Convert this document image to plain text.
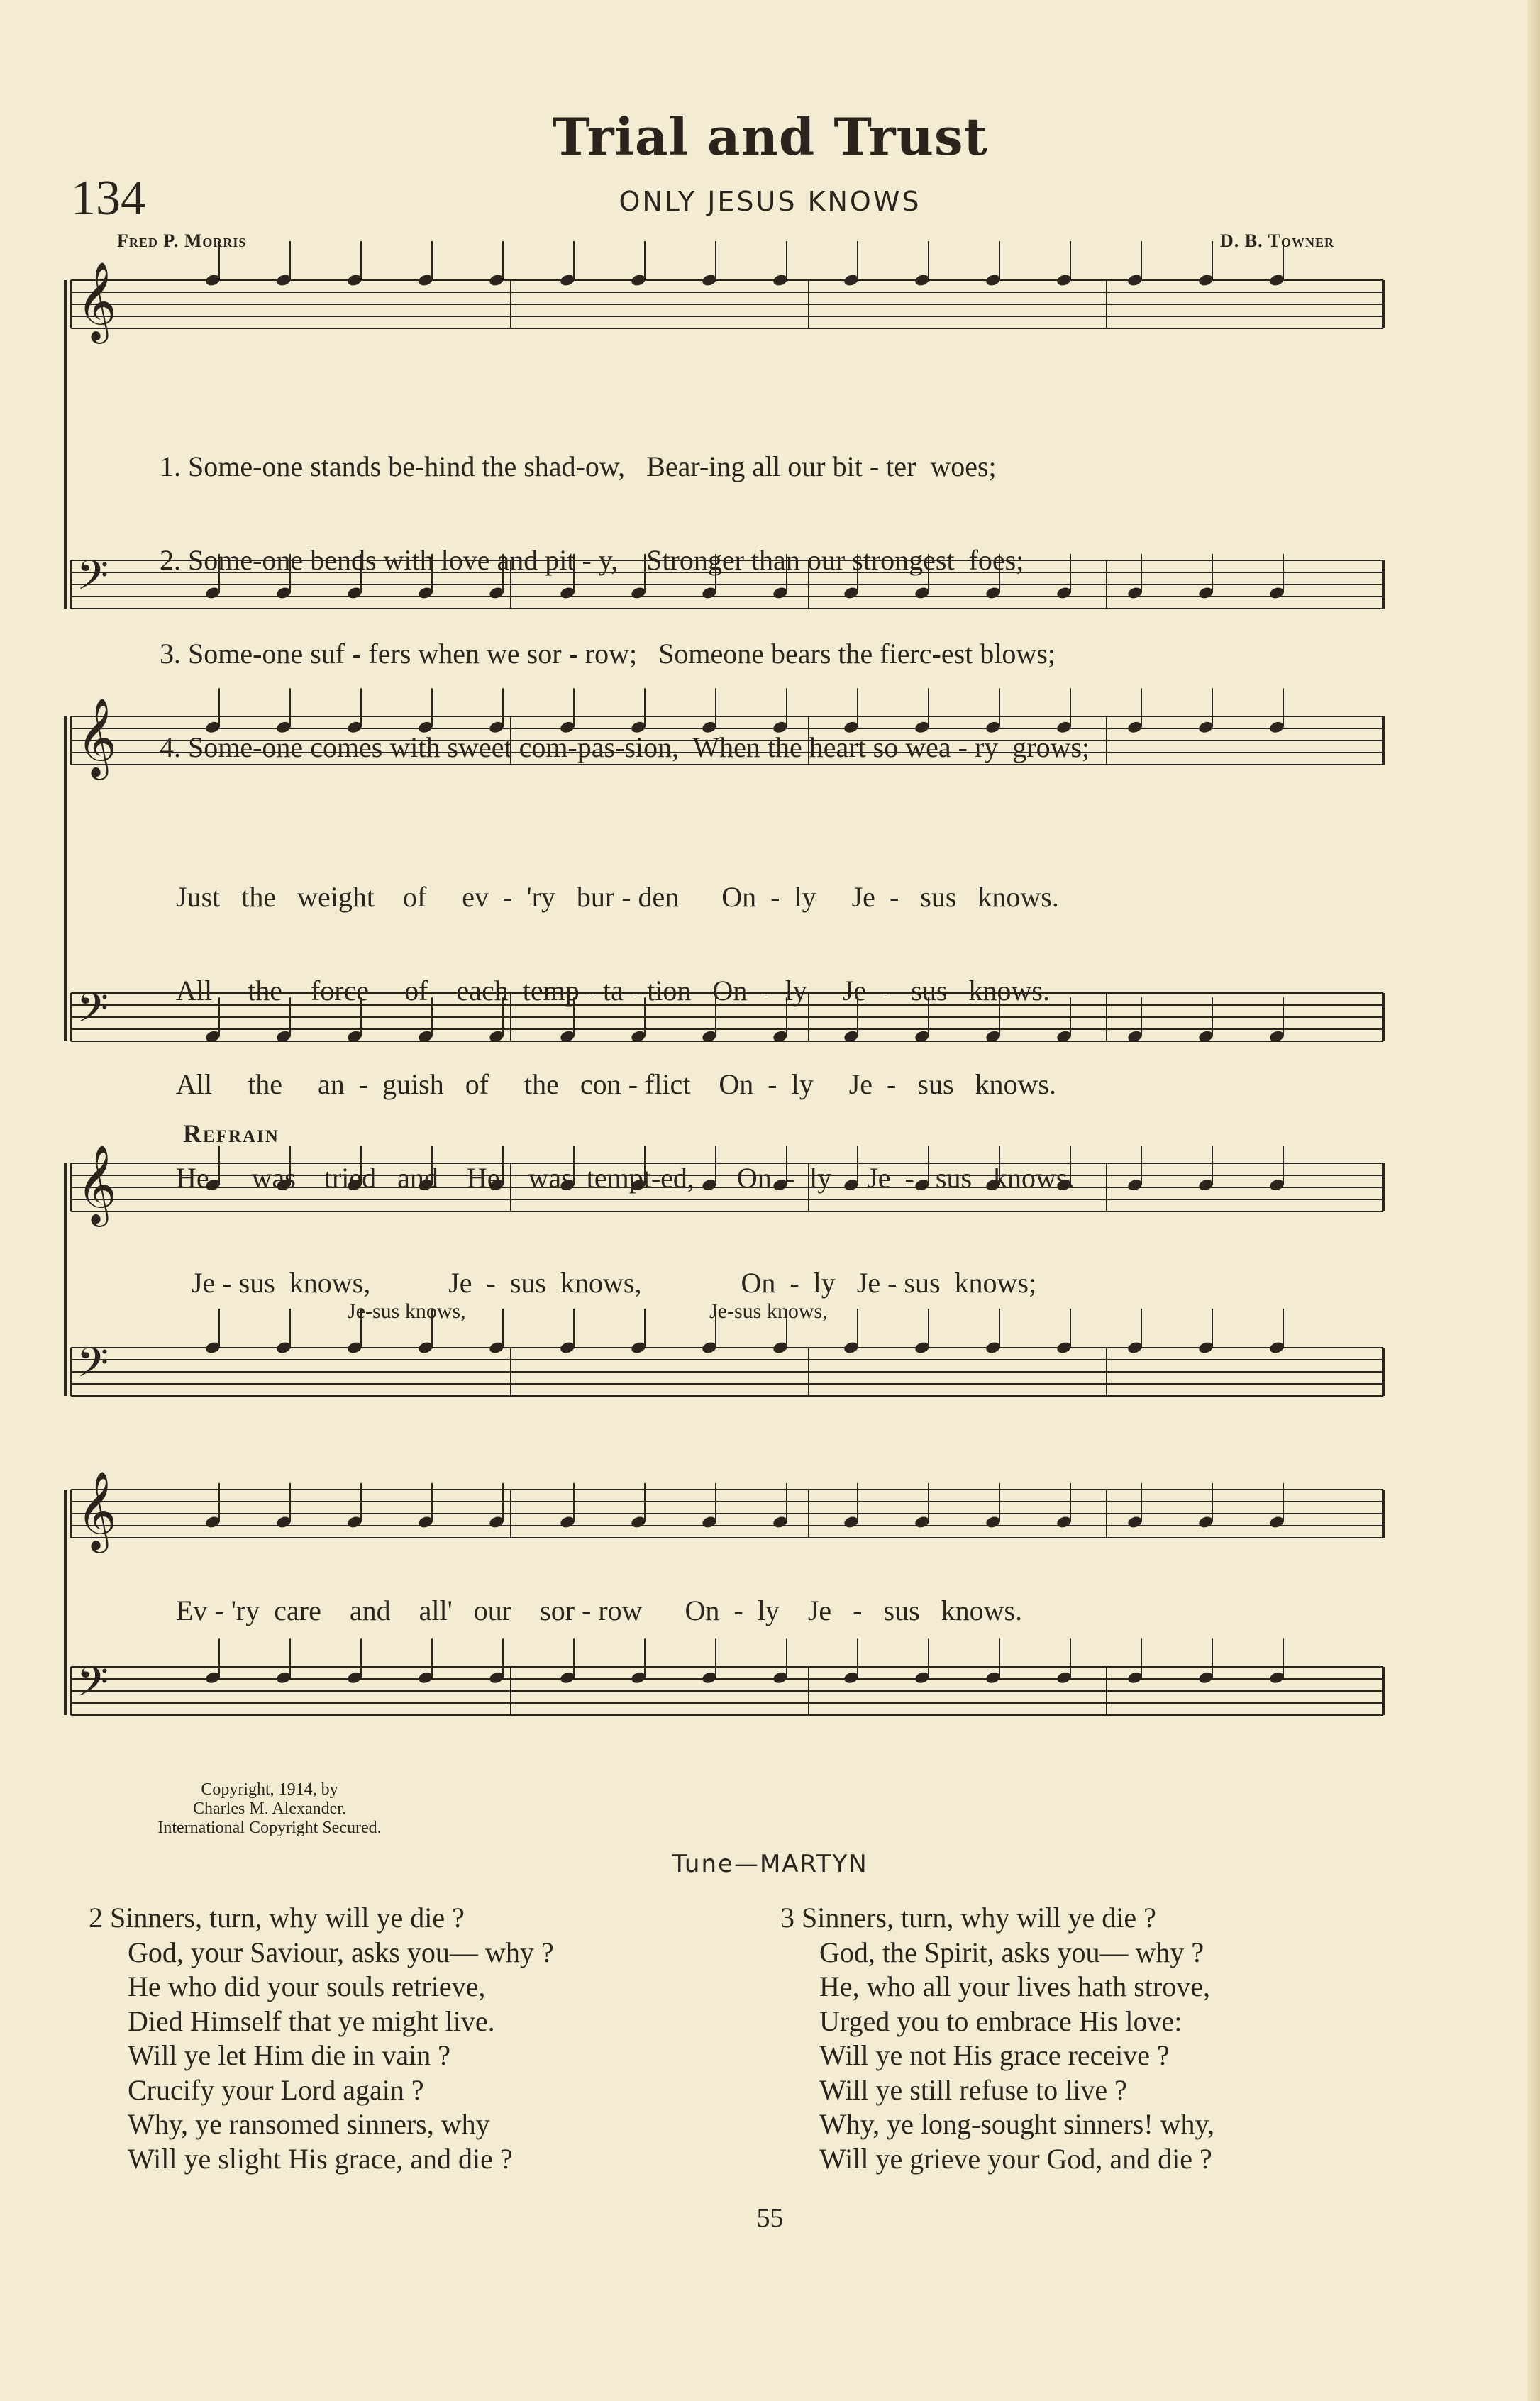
Trial and Trust
134	ONLY JESUS KNOWS
Fred P. Morris	D. B. Towner
𝄞
𝄢
𝄞
𝄢
𝄞
𝄢
𝄞
𝄢

1. Some-one stands be-hind the shad-ow,   Bear-ing all our bit - ter  woes;

2. Some-one bends with love and pit - y,    Stronger than our strongest  foes;

3. Some-one suf - fers when we sor - row;   Someone bears the fierc-est blows;

4. Some-one comes with sweet com-pas-sion,  When the heart so wea - ry  grows;

Just   the   weight    of     ev  -  'ry   bur - den      On  -  ly     Je  -   sus   knows.

All     the    force     of    each  temp - ta - tion   On  -  ly     Je  -   sus   knows.

All     the     an  -  guish   of     the   con - flict    On  -  ly     Je  -   sus   knows.

He      was    tried   and    He    was  tempt-ed,      On  -  ly     Je  -   sus   knows.

Refrain
Je - sus  knows,           Je  -  sus  knows,              On  -  ly   Je - sus  knows;
Je-sus knows,	Je-sus knows,
Ev - 'ry  care    and    all'   our    sor - row      On  -  ly    Je   -   sus   knows.
Copyright, 1914, by
Charles M. Alexander.
International Copyright Secured.
Tune—MARTYN
2 Sinners, turn, why will ye die ?
God, your Saviour, asks you— why ?
He who did your souls retrieve,
Died Himself that ye might live.
Will ye let Him die in vain ?
Crucify your Lord again ?
Why, ye ransomed sinners, why
Will ye slight His grace, and die ?
3 Sinners, turn, why will ye die ?
God, the Spirit, asks you— why ?
He, who all your lives hath strove,
Urged you to embrace His love:
Will ye not His grace receive ?
Will ye still refuse to live ?
Why, ye long-sought sinners! why,
Will ye grieve your God, and die ?
55
